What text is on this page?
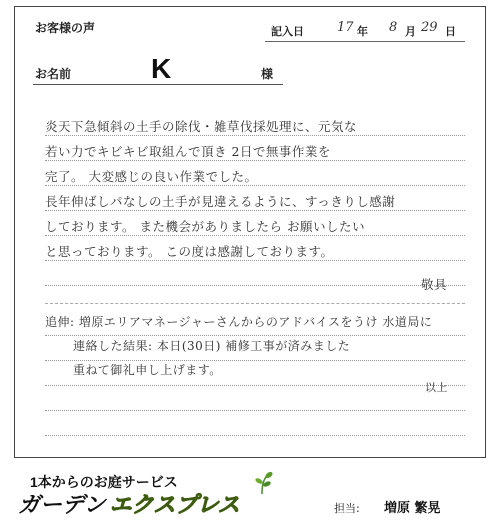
お客様の声	記入日	17 年 8 月 29 日
お名前	K	様
炎天下急傾斜の土手の除伐・雑草伐採処理に、元気な
若い力でキビキビ取組んで頂き 2日で無事作業を
完了。 大変感じの良い作業でした。
長年伸ばしパなしの土手が見違えるように、すっきりし感謝
しております。 また機会がありましたら お願いしたい
と思っております。 この度は感謝しております。
敬具
追伸: 増原エリアマネージャーさんからのアドバイスをうけ 水道局に
連絡した結果: 本日(30日) 補修工事が済みました
重ねて御礼申し上げます。
以上
1本からのお庭サービス
ガーデン エクスプレス	担当: 増原 繁晃
